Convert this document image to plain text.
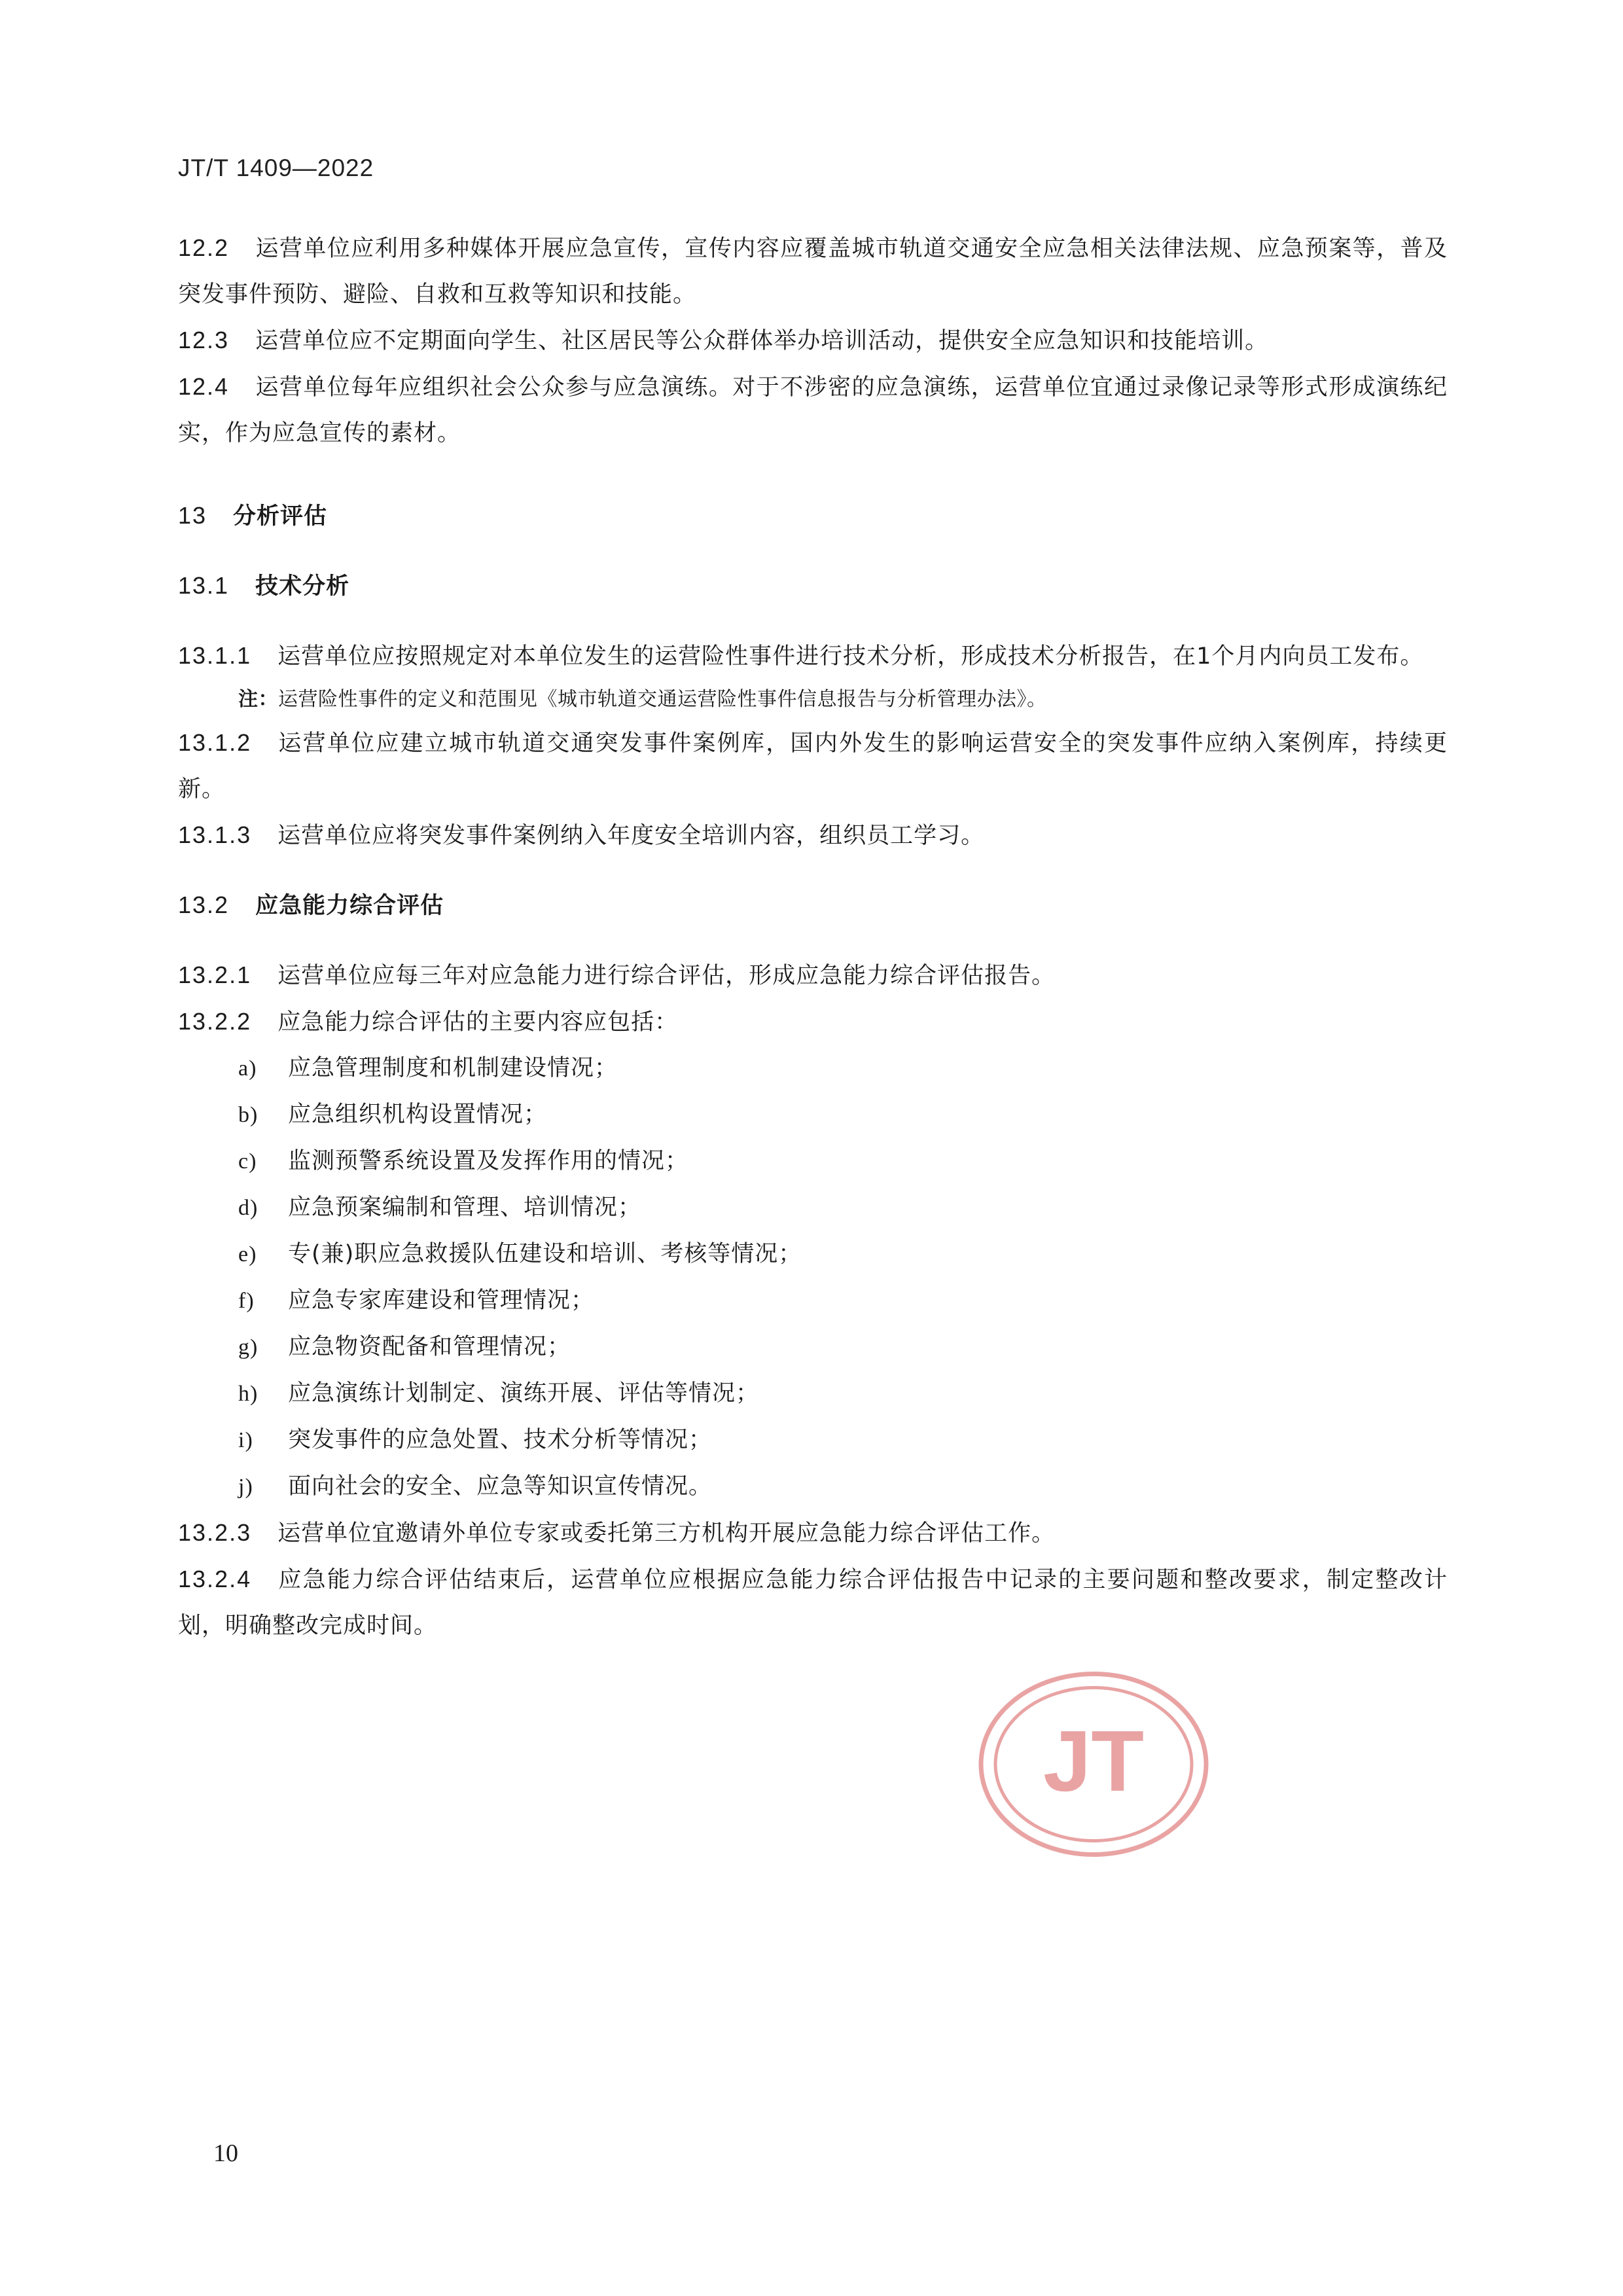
JT/T 1409—2022
12.2 运营单位应利用多种媒体开展应急宣传，宣传内容应覆盖城市轨道交通安全应急相关法律法规、应急预案等，普及突发事件预防、避险、自救和互救等知识和技能。
12.3 运营单位应不定期面向学生、社区居民等公众群体举办培训活动，提供安全应急知识和技能培训。
12.4 运营单位每年应组织社会公众参与应急演练。对于不涉密的应急演练，运营单位宜通过录像记录等形式形成演练纪实，作为应急宣传的素材。
13 分析评估
13.1 技术分析
13.1.1 运营单位应按照规定对本单位发生的运营险性事件进行技术分析，形成技术分析报告，在1个月内向员工发布。
注：运营险性事件的定义和范围见《城市轨道交通运营险性事件信息报告与分析管理办法》。
13.1.2 运营单位应建立城市轨道交通突发事件案例库，国内外发生的影响运营安全的突发事件应纳入案例库，持续更新。
13.1.3 运营单位应将突发事件案例纳入年度安全培训内容，组织员工学习。
13.2 应急能力综合评估
13.2.1 运营单位应每三年对应急能力进行综合评估，形成应急能力综合评估报告。
13.2.2 应急能力综合评估的主要内容应包括：
a) 应急管理制度和机制建设情况；
b) 应急组织机构设置情况；
c) 监测预警系统设置及发挥作用的情况；
d) 应急预案编制和管理、培训情况；
e) 专(兼)职应急救援队伍建设和培训、考核等情况；
f) 应急专家库建设和管理情况；
g) 应急物资配备和管理情况；
h) 应急演练计划制定、演练开展、评估等情况；
i) 突发事件的应急处置、技术分析等情况；
j) 面向社会的安全、应急等知识宣传情况。
13.2.3 运营单位宜邀请外单位专家或委托第三方机构开展应急能力综合评估工作。
13.2.4 应急能力综合评估结束后，运营单位应根据应急能力综合评估报告中记录的主要问题和整改要求，制定整改计划，明确整改完成时间。
JT
10
